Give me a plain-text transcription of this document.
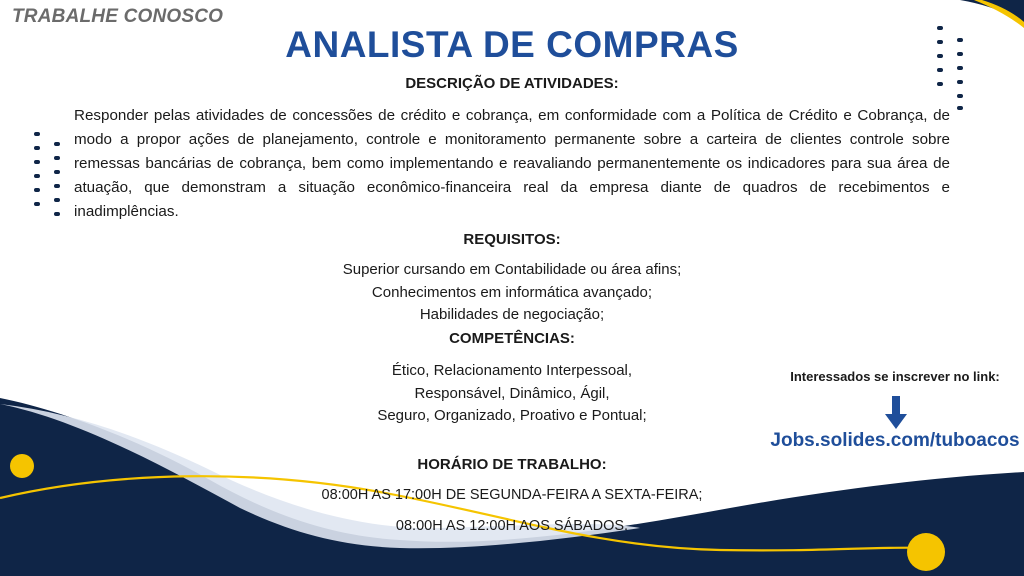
TRABALHE CONOSCO
ANALISTA DE COMPRAS
DESCRIÇÃO DE ATIVIDADES:
Responder pelas atividades de concessões de crédito e cobrança, em conformidade com a Política de Crédito e Cobrança, de modo a propor ações de planejamento, controle e monitoramento permanente sobre a carteira de clientes controle sobre remessas bancárias de cobrança, bem como implementando e reavaliando permanentemente os indicadores para sua área de atuação, que demonstram a situação econômico-financeira real da empresa diante de quadros de recebimentos e inadimplências.
REQUISITOS:
Superior cursando em Contabilidade ou área afins;
Conhecimentos em informática avançado;
Habilidades de negociação;
COMPETÊNCIAS:
Ético, Relacionamento Interpessoal,
Responsável, Dinâmico, Ágil,
Seguro, Organizado, Proativo e Pontual;
HORÁRIO DE TRABALHO:
08:00H AS 17:00H DE SEGUNDA-FEIRA A SEXTA-FEIRA;
08:00H AS 12:00H AOS SÁBADOS.
Interessados se inscrever no link:
Jobs.solides.com/tuboacos
